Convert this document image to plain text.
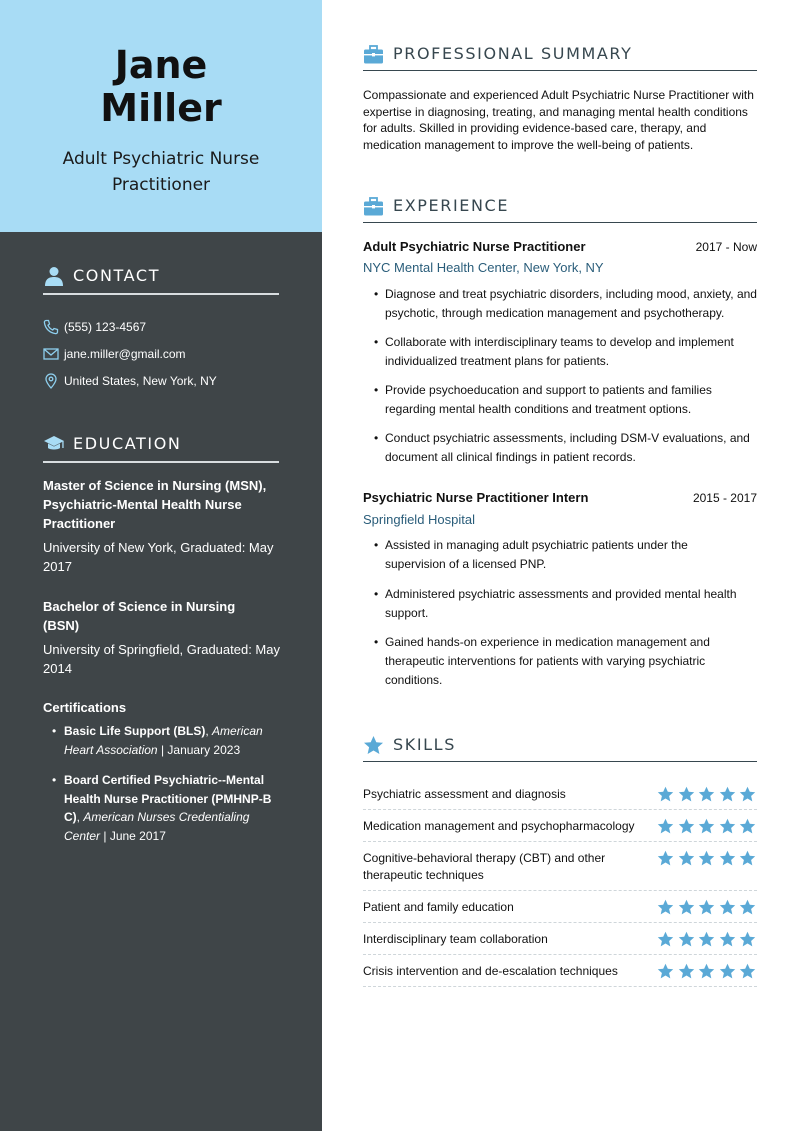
Jane
Miller
Adult Psychiatric Nurse Practitioner
CONTACT
(555) 123-4567
jane.miller@gmail.com
United States, New York, NY
EDUCATION
Master of Science in Nursing (MSN), Psychiatric-Mental Health Nurse Practitioner
University of New York, Graduated: May 2017
Bachelor of Science in Nursing (BSN)
University of Springfield, Graduated: May 2014
Certifications
• Basic Life Support (BLS), American Heart Association | January 2023
• Board Certified Psychiatric--Mental Health Nurse Practitioner (PMHNP-BC), American Nurses Credentialing Center | June 2017
PROFESSIONAL SUMMARY
Compassionate and experienced Adult Psychiatric Nurse Practitioner with expertise in diagnosing, treating, and managing mental health conditions for adults. Skilled in providing evidence-based care, therapy, and medication management to improve the well-being of patients.
EXPERIENCE
Adult Psychiatric Nurse Practitioner	2017 - Now
NYC Mental Health Center, New York, NY
• Diagnose and treat psychiatric disorders, including mood, anxiety, and psychotic, through medication management and psychotherapy.
• Collaborate with interdisciplinary teams to develop and implement individualized treatment plans for patients.
• Provide psychoeducation and support to patients and families regarding mental health conditions and treatment options.
• Conduct psychiatric assessments, including DSM-V evaluations, and document all clinical findings in patient records.
Psychiatric Nurse Practitioner Intern	2015 - 2017
Springfield Hospital
• Assisted in managing adult psychiatric patients under the supervision of a licensed PNP.
• Administered psychiatric assessments and provided mental health support.
• Gained hands-on experience in medication management and therapeutic interventions for patients with varying psychiatric conditions.
SKILLS
Psychiatric assessment and diagnosis
Medication management and psychopharmacology
Cognitive-behavioral therapy (CBT) and other therapeutic techniques
Patient and family education
Interdisciplinary team collaboration
Crisis intervention and de-escalation techniques
